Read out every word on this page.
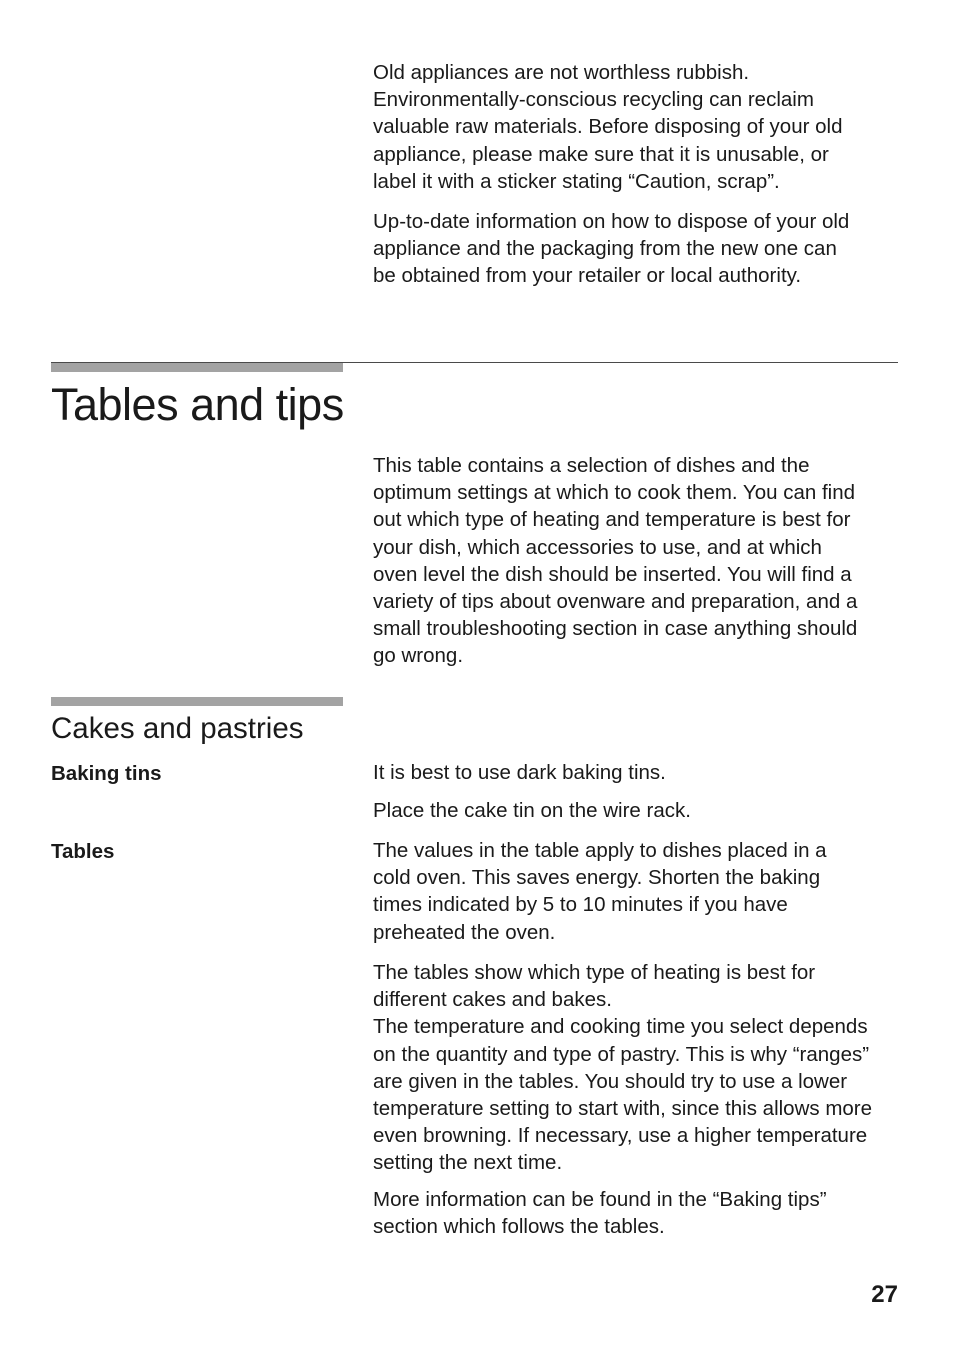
Old appliances are not worthless rubbish.
Environmentally-conscious recycling can reclaim
valuable raw materials. Before disposing of your old
appliance, please make sure that it is unusable, or
label it with a sticker stating “Caution, scrap”.

Up-to-date information on how to dispose of your old
appliance and the packaging from the new one can
be obtained from your retailer or local authority.

Tables and tips

This table contains a selection of dishes and the
optimum settings at which to cook them. You can find
out which type of heating and temperature is best for
your dish, which accessories to use, and at which
oven level the dish should be inserted. You will find a
variety of tips about ovenware and preparation, and a
small troubleshooting section in case anything should
go wrong.

Cakes and pastries

Baking tins	It is best to use dark baking tins.

Place the cake tin on the wire rack.

Tables	The values in the table apply to dishes placed in a
cold oven. This saves energy. Shorten the baking
times indicated by 5 to 10 minutes if you have
preheated the oven.

The tables show which type of heating is best for
different cakes and bakes.
The temperature and cooking time you select depends
on the quantity and type of pastry. This is why “ranges”
are given in the tables. You should try to use a lower
temperature setting to start with, since this allows more
even browning. If necessary, use a higher temperature
setting the next time.

More information can be found in the “Baking tips”
section which follows the tables.

27
